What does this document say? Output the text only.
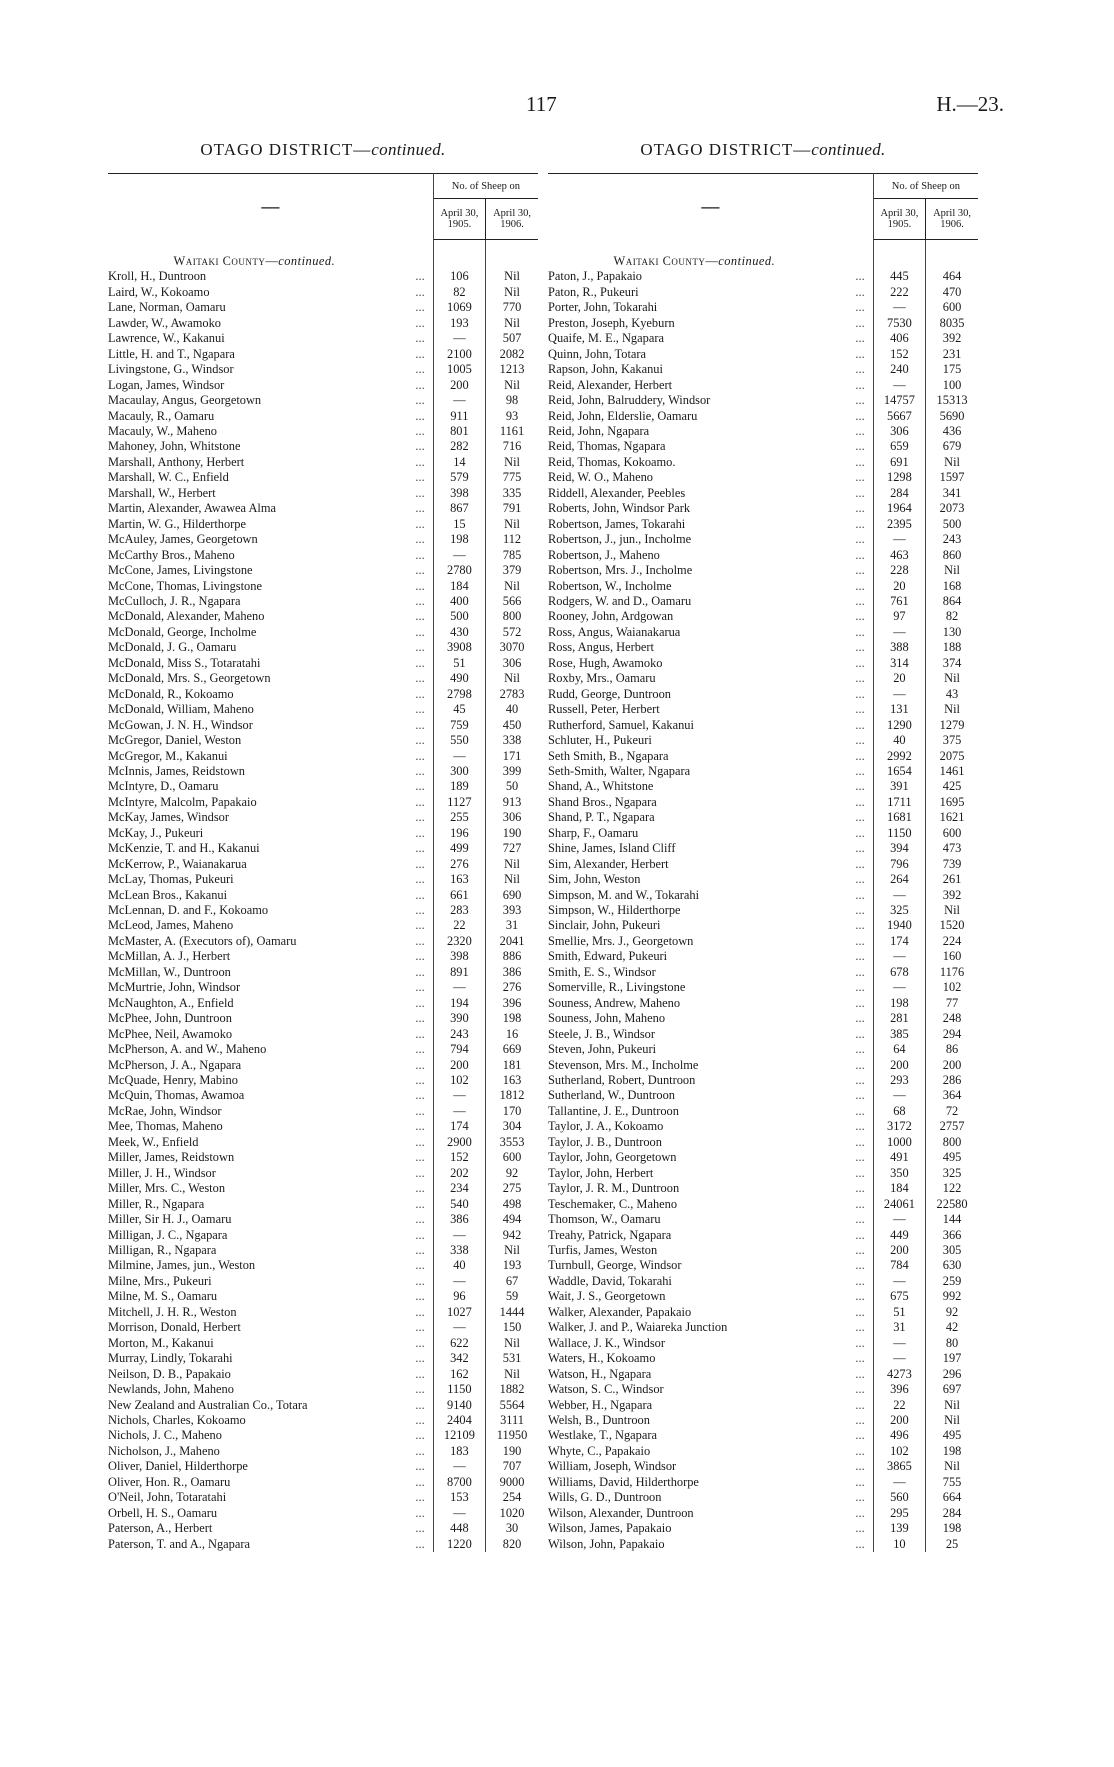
117	H.—23.
OTAGO DISTRICT—continued.
—	No. of Sheep on	
	April 30, 1905.	April 30, 1906.

Waitaki County—continued.		
Kroll, H., Duntroon ...	106	Nil
Laird, W., Kokoamo ...	82	Nil
Lane, Norman, Oamaru ...	1069	770
Lawder, W., Awamoko ...	193	Nil
Lawrence, W., Kakanui ...	—	507
Little, H. and T., Ngapara ...	2100	2082
Livingstone, G., Windsor ...	1005	1213
Logan, James, Windsor ...	200	Nil
Macaulay, Angus, Georgetown ...	—	98
Macauly, R., Oamaru ...	911	93
Macauly, W., Maheno ...	801	1161
Mahoney, John, Whitstone ...	282	716
Marshall, Anthony, Herbert ...	14	Nil
Marshall, W. C., Enfield ...	579	775
Marshall, W., Herbert ...	398	335
Martin, Alexander, Awawea Alma ...	867	791
Martin, W. G., Hilderthorpe ...	15	Nil
McAuley, James, Georgetown ...	198	112
McCarthy Bros., Maheno ...	—	785
McCone, James, Livingstone ...	2780	379
McCone, Thomas, Livingstone ...	184	Nil
McCulloch, J. R., Ngapara ...	400	566
McDonald, Alexander, Maheno ...	500	800
McDonald, George, Incholme ...	430	572
McDonald, J. G., Oamaru ...	3908	3070
McDonald, Miss S., Totaratahi ...	51	306
McDonald, Mrs. S., Georgetown ...	490	Nil
McDonald, R., Kokoamo ...	2798	2783
McDonald, William, Maheno ...	45	40
McGowan, J. N. H., Windsor ...	759	450
McGregor, Daniel, Weston ...	550	338
McGregor, M., Kakanui ...	—	171
McInnis, James, Reidstown ...	300	399
McIntyre, D., Oamaru ...	189	50
McIntyre, Malcolm, Papakaio ...	1127	913
McKay, James, Windsor ...	255	306
McKay, J., Pukeuri ...	196	190
McKenzie, T. and H., Kakanui ...	499	727
McKerrow, P., Waianakarua ...	276	Nil
McLay, Thomas, Pukeuri ...	163	Nil
McLean Bros., Kakanui ...	661	690
McLennan, D. and F., Kokoamo ...	283	393
McLeod, James, Maheno ...	22	31
McMaster, A. (Executors of), Oamaru ...	2320	2041
McMillan, A. J., Herbert ...	398	886
McMillan, W., Duntroon ...	891	386
McMurtrie, John, Windsor ...	—	276
McNaughton, A., Enfield ...	194	396
McPhee, John, Duntroon ...	390	198
McPhee, Neil, Awamoko ...	243	16
McPherson, A. and W., Maheno ...	794	669
McPherson, J. A., Ngapara ...	200	181
McQuade, Henry, Mabino ...	102	163
McQuin, Thomas, Awamoa ...	—	1812
McRae, John, Windsor ...	—	170
Mee, Thomas, Maheno ...	174	304
Meek, W., Enfield ...	2900	3553
Miller, James, Reidstown ...	152	600
Miller, J. H., Windsor ...	202	92
Miller, Mrs. C., Weston ...	234	275
Miller, R., Ngapara ...	540	498
Miller, Sir H. J., Oamaru ...	386	494
Milligan, J. C., Ngapara ...	—	942
Milligan, R., Ngapara ...	338	Nil
Milmine, James, jun., Weston ...	40	193
Milne, Mrs., Pukeuri ...	—	67
Milne, M. S., Oamaru ...	96	59
Mitchell, J. H. R., Weston ...	1027	1444
Morrison, Donald, Herbert ...	—	150
Morton, M., Kakanui ...	622	Nil
Murray, Lindly, Tokarahi ...	342	531
Neilson, D. B., Papakaio ...	162	Nil
Newlands, John, Maheno ...	1150	1882
New Zealand and Australian Co., Totara ...	9140	5564
Nichols, Charles, Kokoamo ...	2404	3111
Nichols, J. C., Maheno ...	12109	11950
Nicholson, J., Maheno ...	183	190
Oliver, Daniel, Hilderthorpe ...	—	707
Oliver, Hon. R., Oamaru ...	8700	9000
O'Neil, John, Totaratahi ...	153	254
Orbell, H. S., Oamaru ...	—	1020
Paterson, A., Herbert ...	448	30
Paterson, T. and A., Ngapara ...	1220	820
OTAGO DISTRICT—continued.
—	No. of Sheep on	
	April 30, 1905.	April 30, 1906.

Waitaki County—continued.		
Paton, J., Papakaio ...	445	464
Paton, R., Pukeuri ...	222	470
Porter, John, Tokarahi ...	—	600
Preston, Joseph, Kyeburn ...	7530	8035
Quaife, M. E., Ngapara ...	406	392
Quinn, John, Totara ...	152	231
Rapson, John, Kakanui ...	240	175
Reid, Alexander, Herbert ...	—	100
Reid, John, Balruddery, Windsor ...	14757	15313
Reid, John, Elderslie, Oamaru ...	5667	5690
Reid, John, Ngapara ...	306	436
Reid, Thomas, Ngapara ...	659	679
Reid, Thomas, Kokoamo. ...	691	Nil
Reid, W. O., Maheno ...	1298	1597
Riddell, Alexander, Peebles ...	284	341
Roberts, John, Windsor Park ...	1964	2073
Robertson, James, Tokarahi ...	2395	500
Robertson, J., jun., Incholme ...	—	243
Robertson, J., Maheno ...	463	860
Robertson, Mrs. J., Incholme ...	228	Nil
Robertson, W., Incholme ...	20	168
Rodgers, W. and D., Oamaru ...	761	864
Rooney, John, Ardgowan ...	97	82
Ross, Angus, Waianakarua ...	—	130
Ross, Angus, Herbert ...	388	188
Rose, Hugh, Awamoko ...	314	374
Roxby, Mrs., Oamaru ...	20	Nil
Rudd, George, Duntroon ...	—	43
Russell, Peter, Herbert ...	131	Nil
Rutherford, Samuel, Kakanui ...	1290	1279
Schluter, H., Pukeuri ...	40	375
Seth Smith, B., Ngapara ...	2992	2075
Seth-Smith, Walter, Ngapara ...	1654	1461
Shand, A., Whitstone ...	391	425
Shand Bros., Ngapara ...	1711	1695
Shand, P. T., Ngapara ...	1681	1621
Sharp, F., Oamaru ...	1150	600
Shine, James, Island Cliff ...	394	473
Sim, Alexander, Herbert ...	796	739
Sim, John, Weston ...	264	261
Simpson, M. and W., Tokarahi ...	—	392
Simpson, W., Hilderthorpe ...	325	Nil
Sinclair, John, Pukeuri ...	1940	1520
Smellie, Mrs. J., Georgetown ...	174	224
Smith, Edward, Pukeuri ...	—	160
Smith, E. S., Windsor ...	678	1176
Somerville, R., Livingstone ...	—	102
Souness, Andrew, Maheno ...	198	77
Souness, John, Maheno ...	281	248
Steele, J. B., Windsor ...	385	294
Steven, John, Pukeuri ...	64	86
Stevenson, Mrs. M., Incholme ...	200	200
Sutherland, Robert, Duntroon ...	293	286
Sutherland, W., Duntroon ...	—	364
Tallantine, J. E., Duntroon ...	68	72
Taylor, J. A., Kokoamo ...	3172	2757
Taylor, J. B., Duntroon ...	1000	800
Taylor, John, Georgetown ...	491	495
Taylor, John, Herbert ...	350	325
Taylor, J. R. M., Duntroon ...	184	122
Teschemaker, C., Maheno ...	24061	22580
Thomson, W., Oamaru ...	—	144
Treahy, Patrick, Ngapara ...	449	366
Turfis, James, Weston ...	200	305
Turnbull, George, Windsor ...	784	630
Waddle, David, Tokarahi ...	—	259
Wait, J. S., Georgetown ...	675	992
Walker, Alexander, Papakaio ...	51	92
Walker, J. and P., Waiareka Junction ...	31	42
Wallace, J. K., Windsor ...	—	80
Waters, H., Kokoamo ...	—	197
Watson, H., Ngapara ...	4273	296
Watson, S. C., Windsor ...	396	697
Webber, H., Ngapara ...	22	Nil
Welsh, B., Duntroon ...	200	Nil
Westlake, T., Ngapara ...	496	495
Whyte, C., Papakaio ...	102	198
William, Joseph, Windsor ...	3865	Nil
Williams, David, Hilderthorpe ...	—	755
Wills, G. D., Duntroon ...	560	664
Wilson, Alexander, Duntroon ...	295	284
Wilson, James, Papakaio ...	139	198
Wilson, John, Papakaio ...	10	25
